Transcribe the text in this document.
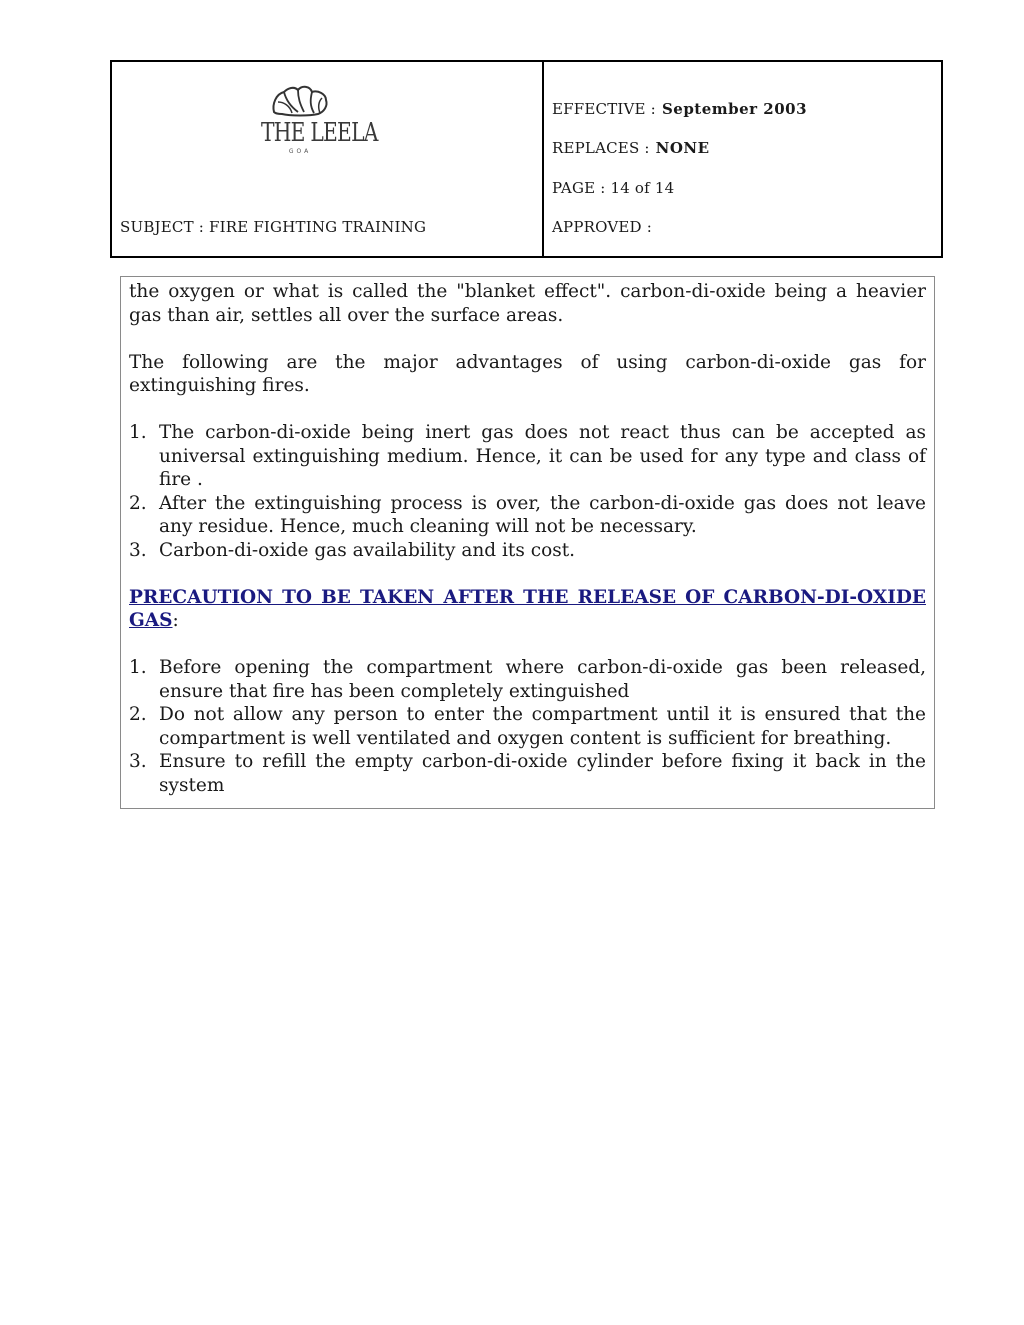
THE LEELA
GOA
SUBJECT : FIRE FIGHTING TRAINING
EFFECTIVE : September 2003
REPLACES : NONE
PAGE : 14 of 14
APPROVED :

the oxygen or what is called the "blanket effect". carbon-di-oxide being a heavier gas than air, settles all over the surface areas.

The following are the major advantages of using carbon-di-oxide gas for extinguishing fires.

1. The carbon-di-oxide being inert gas does not react thus can be accepted as universal extinguishing medium. Hence, it can be used for any type and class of fire .
2. After the extinguishing process is over, the carbon-di-oxide gas does not leave any residue. Hence, much cleaning will not be necessary.
3. Carbon-di-oxide gas availability and its cost.

PRECAUTION TO BE TAKEN AFTER THE RELEASE OF CARBON-DI-OXIDE GAS:

1. Before opening the compartment where carbon-di-oxide gas been released, ensure that fire has been completely extinguished
2. Do not allow any person to enter the compartment until it is ensured that the compartment is well ventilated and oxygen content is sufficient for breathing.
3. Ensure to refill the empty carbon-di-oxide cylinder before fixing it back in the system
